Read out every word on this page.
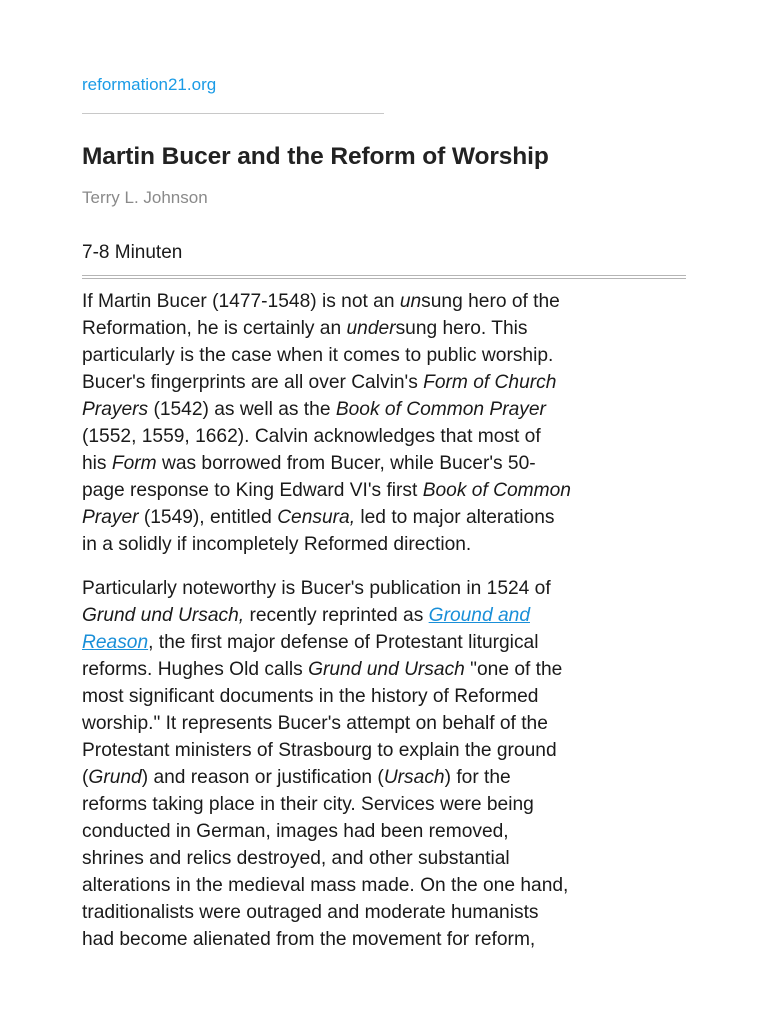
reformation21.org
Martin Bucer and the Reform of Worship
Terry L. Johnson
7-8 Minuten

If Martin Bucer (1477-1548) is not an unsung hero of the
Reformation, he is certainly an undersung hero. This
particularly is the case when it comes to public worship.
Bucer's fingerprints are all over Calvin's Form of Church
Prayers (1542) as well as the Book of Common Prayer
(1552, 1559, 1662). Calvin acknowledges that most of
his Form was borrowed from Bucer, while Bucer's 50-
page response to King Edward VI's first Book of Common
Prayer (1549), entitled Censura, led to major alterations
in a solidly if incompletely Reformed direction.

Particularly noteworthy is Bucer's publication in 1524 of
Grund und Ursach, recently reprinted as Ground and
Reason, the first major defense of Protestant liturgical
reforms. Hughes Old calls Grund und Ursach "one of the
most significant documents in the history of Reformed
worship." It represents Bucer's attempt on behalf of the
Protestant ministers of Strasbourg to explain the ground
(Grund) and reason or justification (Ursach) for the
reforms taking place in their city. Services were being
conducted in German, images had been removed,
shrines and relics destroyed, and other substantial
alterations in the medieval mass made. On the one hand,
traditionalists were outraged and moderate humanists
had become alienated from the movement for reform,
